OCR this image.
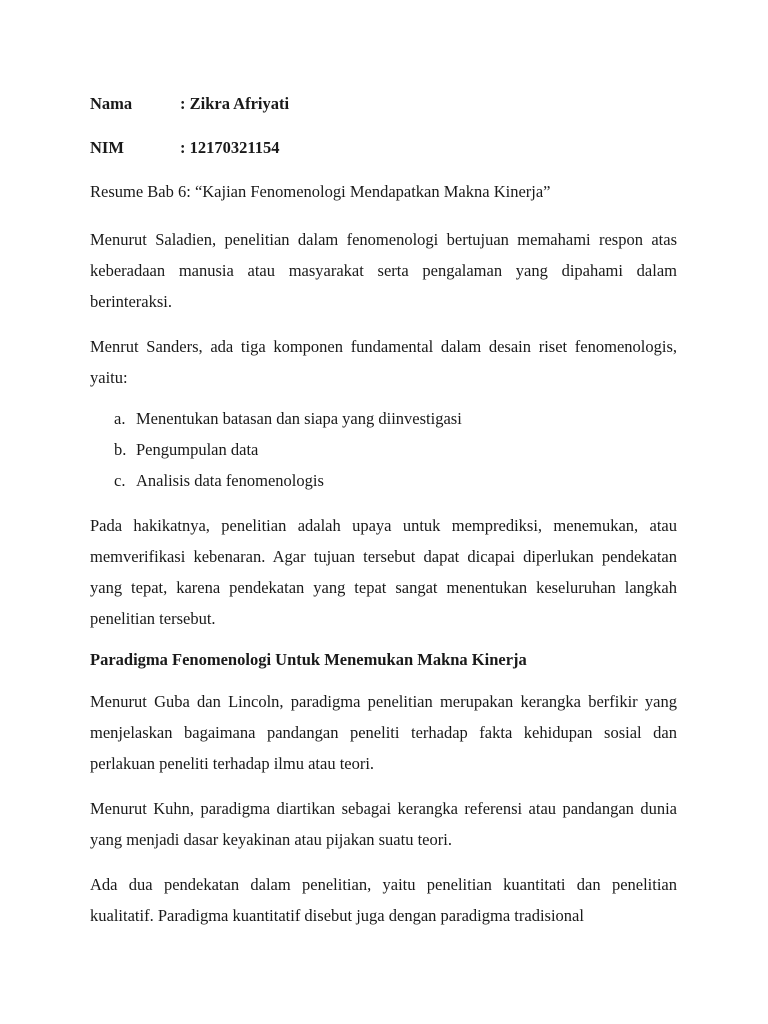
Nama	: Zikra Afriyati
NIM	: 12170321154

Resume Bab 6: “Kajian Fenomenologi Mendapatkan Makna Kinerja”

Menurut Saladien, penelitian dalam fenomenologi bertujuan memahami respon atas keberadaan manusia atau masyarakat serta pengalaman yang dipahami dalam berinteraksi.

Menrut Sanders, ada tiga komponen fundamental dalam desain riset fenomenologis, yaitu:

a. Menentukan batasan dan siapa yang diinvestigasi
b. Pengumpulan data
c. Analisis data fenomenologis

Pada hakikatnya, penelitian adalah upaya untuk memprediksi, menemukan, atau memverifikasi kebenaran. Agar tujuan tersebut dapat dicapai diperlukan pendekatan yang tepat, karena pendekatan yang tepat sangat menentukan keseluruhan langkah penelitian tersebut.

Paradigma Fenomenologi Untuk Menemukan Makna Kinerja

Menurut Guba dan Lincoln, paradigma penelitian merupakan kerangka berfikir yang menjelaskan bagaimana pandangan peneliti terhadap fakta kehidupan sosial dan perlakuan peneliti terhadap ilmu atau teori.

Menurut Kuhn, paradigma diartikan sebagai kerangka referensi atau pandangan dunia yang menjadi dasar keyakinan atau pijakan suatu teori.

Ada dua pendekatan dalam penelitian, yaitu penelitian kuantitati dan penelitian kualitatif. Paradigma kuantitatif disebut juga dengan paradigma tradisional
